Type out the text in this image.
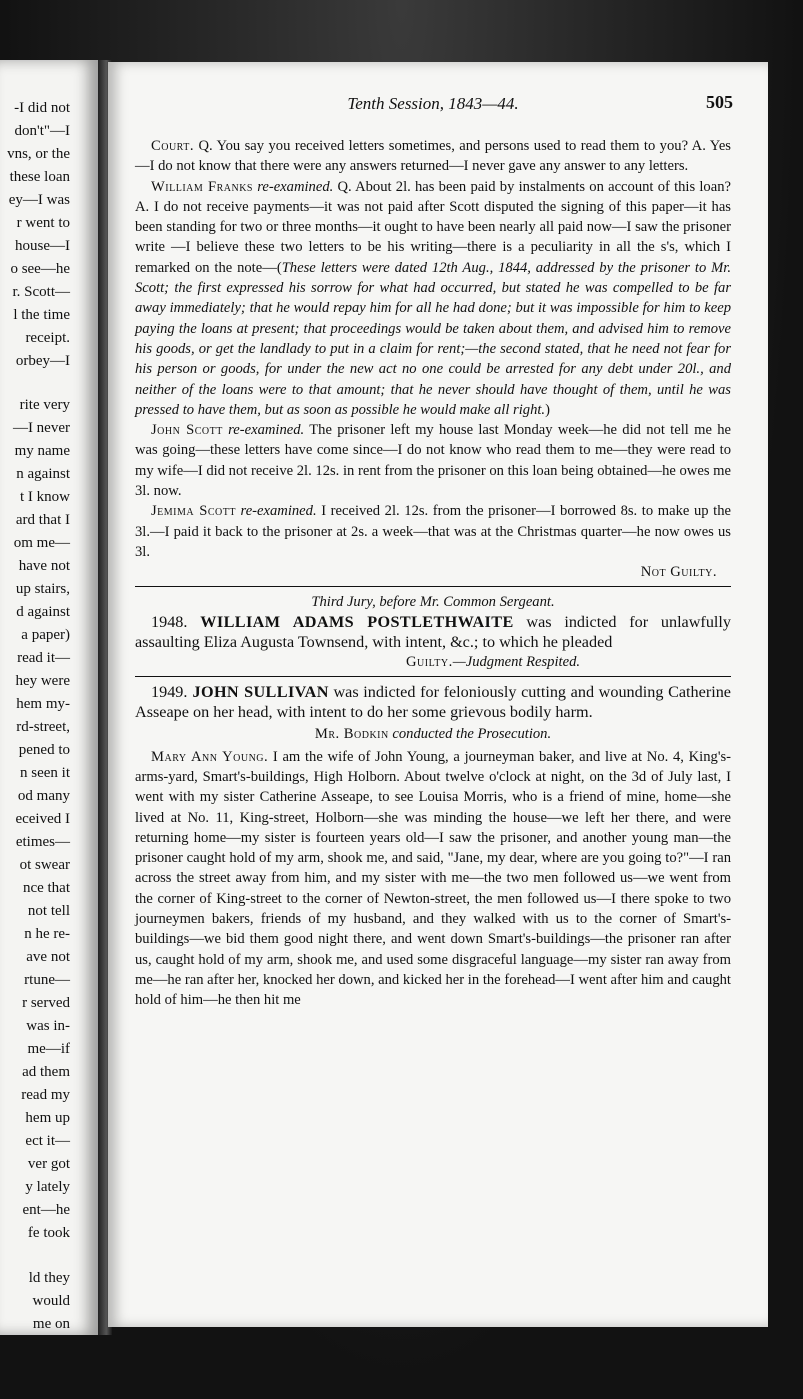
-I did not
don't"—I
vns, or the
these loan
ey—I was
r went to
house—I
o see—he
r. Scott—
l the time
receipt.
orbey—I
rite very
—I never
my name
n against
t I know
ard that I
om me—
have not
up stairs,
d against
a paper)
read it—
hey were
hem my-
rd-street,
pened to
n seen it
od many
eceived I
etimes—
ot swear
nce that
not tell
n he re-
ave not
rtune—
r served
was in-
me—if
ad them
read my
hem up
ect it—
ver got
y lately
ent—he
fe took
ld they
would
me on
Tenth Session, 1843—44.	505

Court. Q. You say you received letters sometimes, and persons used to read them to you? A. Yes—I do not know that there were any answers returned—I never gave any answer to any letters.

William Franks re-examined. Q. About 2l. has been paid by instalments on account of this loan? A. I do not receive payments—it was not paid after Scott disputed the signing of this paper—it has been standing for two or three months—it ought to have been nearly all paid now—I saw the prisoner write —I believe these two letters to be his writing—there is a peculiarity in all the s's, which I remarked on the note—(These letters were dated 12th Aug., 1844, addressed by the prisoner to Mr. Scott; the first expressed his sorrow for what had occurred, but stated he was compelled to be far away immediately; that he would repay him for all he had done; but it was impossible for him to keep paying the loans at present; that proceedings would be taken about them, and advised him to remove his goods, or get the landlady to put in a claim for rent;—the second stated, that he need not fear for his person or goods, for under the new act no one could be arrested for any debt under 20l., and neither of the loans were to that amount; that he never should have thought of them, until he was pressed to have them, but as soon as possible he would make all right.)

John Scott re-examined. The prisoner left my house last Monday week—he did not tell me he was going—these letters have come since—I do not know who read them to me—they were read to my wife—I did not receive 2l. 12s. in rent from the prisoner on this loan being obtained—he owes me 3l. now.

Jemima Scott re-examined. I received 2l. 12s. from the prisoner—I borrowed 8s. to make up the 3l.—I paid it back to the prisoner at 2s. a week—that was at the Christmas quarter—he now owes us 3l.

Not Guilty.

Third Jury, before Mr. Common Sergeant.

1948. WILLIAM ADAMS POSTLETHWAITE was indicted for unlawfully assaulting Eliza Augusta Townsend, with intent, &c.; to which he pleaded

Guilty.—Judgment Respited.

1949. JOHN SULLIVAN was indicted for feloniously cutting and wounding Catherine Asseape on her head, with intent to do her some grievous bodily harm.

Mr. Bodkin conducted the Prosecution.

Mary Ann Young. I am the wife of John Young, a journeyman baker, and live at No. 4, King's-arms-yard, Smart's-buildings, High Holborn. About twelve o'clock at night, on the 3d of July last, I went with my sister Catherine Asseape, to see Louisa Morris, who is a friend of mine, home—she lived at No. 11, King-street, Holborn—she was minding the house—we left her there, and were returning home—my sister is fourteen years old—I saw the prisoner, and another young man—the prisoner caught hold of my arm, shook me, and said, "Jane, my dear, where are you going to?"—I ran across the street away from him, and my sister with me—the two men followed us—we went from the corner of King-street to the corner of Newton-street, the men followed us—I there spoke to two journeymen bakers, friends of my husband, and they walked with us to the corner of Smart's-buildings—we bid them good night there, and went down Smart's-buildings—the prisoner ran after us, caught hold of my arm, shook me, and used some disgraceful language—my sister ran away from me—he ran after her, knocked her down, and kicked her in the forehead—I went after him and caught hold of him—he then hit me
